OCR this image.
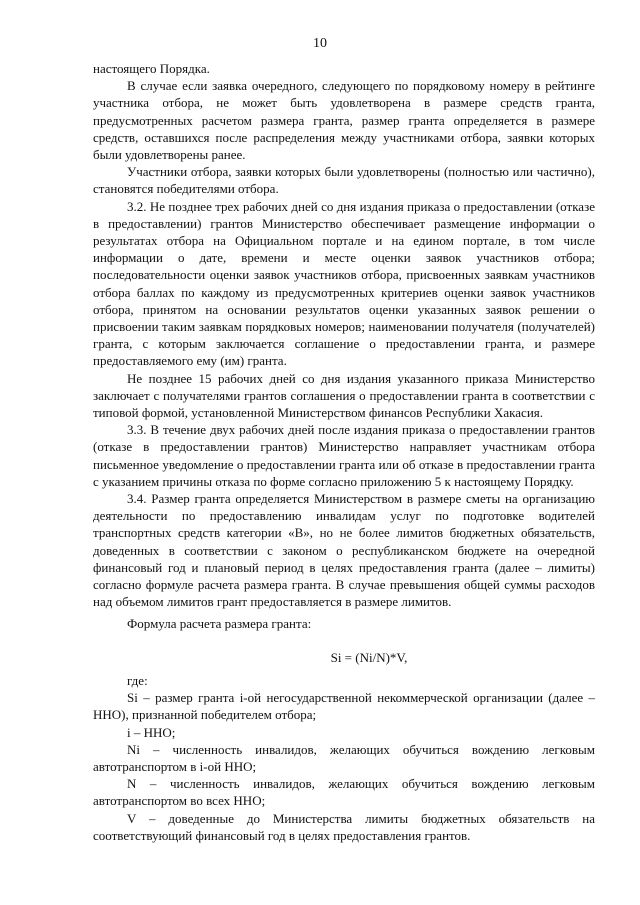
10

настоящего Порядка.

В случае если заявка очередного, следующего по порядковому номеру в рейтинге участника отбора, не может быть удовлетворена в размере средств гранта, предусмотренных расчетом размера гранта, размер гранта определяется в размере средств, оставшихся после распределения между участниками отбора, заявки которых были удовлетворены ранее.

Участники отбора, заявки которых были удовлетворены (полностью или частично), становятся победителями отбора.

3.2. Не позднее трех рабочих дней со дня издания приказа о предоставлении (отказе в предоставлении) грантов Министерство обеспечивает размещение информации о результатах отбора на Официальном портале и на едином портале, в том числе информации о дате, времени и месте оценки заявок участников отбора; последовательности оценки заявок участников отбора, присвоенных заявкам участников отбора баллах по каждому из предусмотренных критериев оценки заявок участников отбора, принятом на основании результатов оценки указанных заявок решении о присвоении таким заявкам порядковых номеров; наименовании получателя (получателей) гранта, с которым заключается соглашение о предоставлении гранта, и размере предоставляемого ему (им) гранта.

Не позднее 15 рабочих дней со дня издания указанного приказа Министерство заключает с получателями грантов соглашения о предоставлении гранта в соответствии с типовой формой, установленной Министерством финансов Республики Хакасия.

3.3. В течение двух рабочих дней после издания приказа о предоставлении грантов (отказе в предоставлении грантов) Министерство направляет участникам отбора письменное уведомление о предоставлении гранта или об отказе в предоставлении гранта с указанием причины отказа по форме согласно приложению 5 к настоящему Порядку.

3.4. Размер гранта определяется Министерством в размере сметы на организацию деятельности по предоставлению инвалидам услуг по подготовке водителей транспортных средств категории «В», но не более лимитов бюджетных обязательств, доведенных в соответствии с законом о республиканском бюджете на очередной финансовый год и плановый период в целях предоставления гранта (далее – лимиты) согласно формуле расчета размера гранта. В случае превышения общей суммы расходов над объемом лимитов грант предоставляется в размере лимитов.

Формула расчета размера гранта:

Si = (Ni/N)*V,

где:

Si – размер гранта i-ой негосударственной некоммерческой организации (далее – ННО), признанной победителем отбора;

i – ННО;

Ni – численность инвалидов, желающих обучиться вождению легковым автотранспортом в i-ой ННО;

N – численность инвалидов, желающих обучиться вождению легковым автотранспортом во всех ННО;

V – доведенные до Министерства лимиты бюджетных обязательств на соответствующий финансовый год в целях предоставления грантов.
